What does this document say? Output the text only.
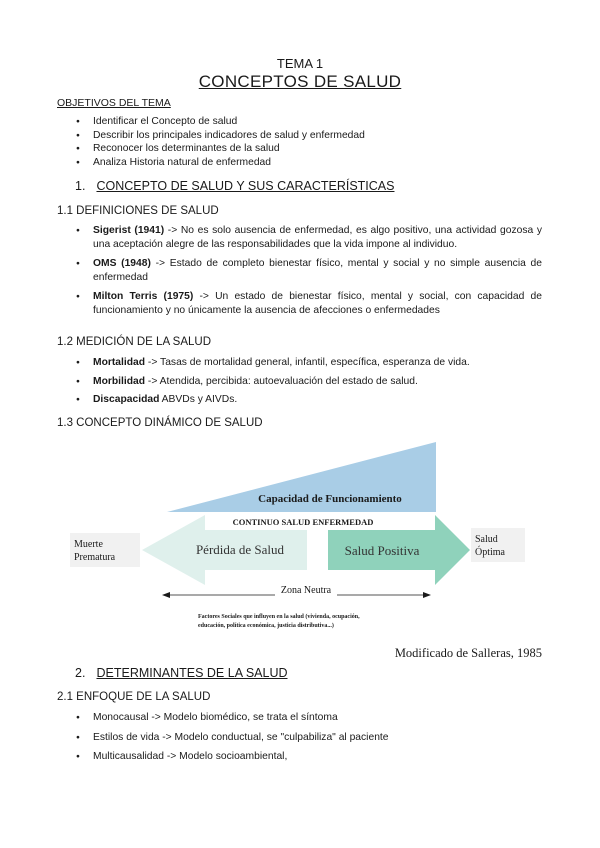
TEMA 1
CONCEPTOS DE SALUD
OBJETIVOS DEL TEMA
● Identificar el Concepto de salud
● Describir los principales indicadores de salud y enfermedad
● Reconocer los determinantes de la salud
● Analiza Historia natural de enfermedad
1. CONCEPTO DE SALUD Y SUS CARACTERÍSTICAS
1.1 DEFINICIONES DE SALUD
● Sigerist (1941) -> No es solo ausencia de enfermedad, es algo positivo, una actividad gozosa y una aceptación alegre de las responsabilidades que la vida impone al individuo.
● OMS (1948) -> Estado de completo bienestar físico, mental y social y no simple ausencia de enfermedad
● Milton Terris (1975) -> Un estado de bienestar físico, mental y social, con capacidad de funcionamiento y no únicamente la ausencia de afecciones o enfermedades
1.2 MEDICIÓN DE LA SALUD
● Mortalidad -> Tasas de mortalidad general, infantil, específica, esperanza de vida.
● Morbilidad -> Atendida, percibida: autoevaluación del estado de salud.
● Discapacidad ABVDs y AIVDs.
1.3 CONCEPTO DINÁMICO DE SALUD
Capacidad de Funcionamiento
CONTINUO SALUD ENFERMEDAD
Pérdida de Salud	Salud Positiva
Muerte
Prematura
Salud
Óptima
Zona Neutra
Factores Sociales que influyen en la salud (vivienda, ocupación,
educación, política económica, justicia distributiva...)
Modificado de Salleras, 1985
2. DETERMINANTES DE LA SALUD
2.1 ENFOQUE DE LA SALUD
● Monocausal -> Modelo biomédico, se trata el síntoma
● Estilos de vida -> Modelo conductual, se "culpabiliza" al paciente
● Multicausalidad -> Modelo socioambiental,
